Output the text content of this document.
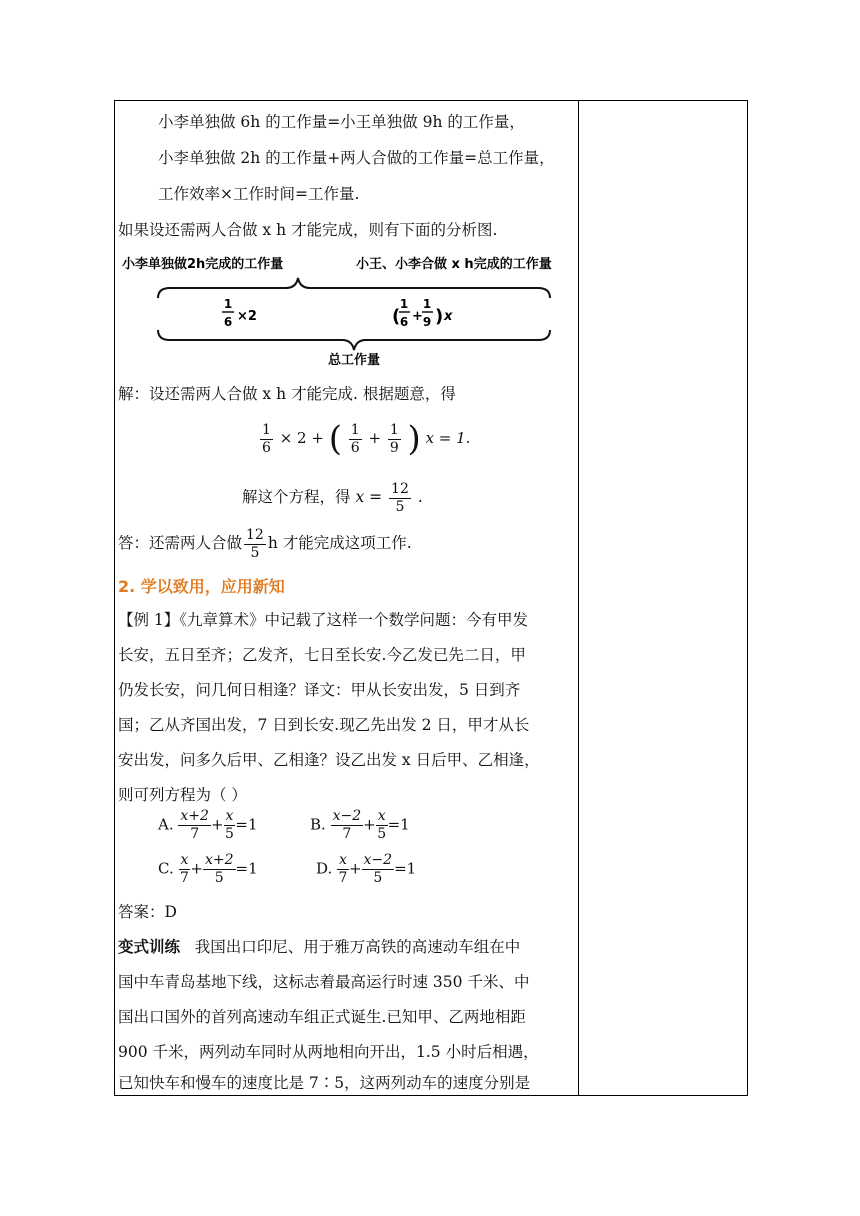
小李单独做 6h 的工作量=小王单独做 9h 的工作量，
小李单独做 2h 的工作量+两人合做的工作量=总工作量，
工作效率×工作时间=工作量.
如果设还需两人合做 x h 才能完成，则有下面的分析图.
小李单独做2h完成的工作量	小王、小李合做 x h完成的工作量
1
6 ×2	(
1
6 +
1
9 ) x
总工作量
解：设还需两人合做 x h 才能完成. 根据题意，得
$\frac{1}{6} \times 2$ + ( $\frac{1}{6} + \frac{1}{9}$ ) x = 1.
解这个方程，得 $x = \frac{12}{5}$ .
答：还需两人合做 $\frac{12}{5}$ h 才能完成这项工作.
2. 学以致用，应用新知
【例 1】《九章算术》中记载了这样一个数学问题：今有甲发
长安，五日至齐；乙发齐，七日至长安.今乙发已先二日，甲
仍发长安，问几何日相逢？译文：甲从长安出发，5 日到齐
国；乙从齐国出发，7 日到长安.现乙先出发 2 日，甲才从长
安出发，问多久后甲、乙相逢？设乙出发 x 日后甲、乙相逢，
则可列方程为（ ）
A. $\frac{x+2}{7} + \frac{x}{5} =1$	B. $\frac{x-2}{7} + \frac{x}{5} =1$
C. $\frac{x}{7} + \frac{x+2}{5} =1$	D. $\frac{x}{7} + \frac{x-2}{5} =1$
答案：D
变式训练 我国出口印尼、用于雅万高铁的高速动车组在中
国中车青岛基地下线，这标志着最高运行时速 350 千米、中
国出口国外的首列高速动车组正式诞生.已知甲、乙两地相距
900 千米，两列动车同时从两地相向开出，1.5 小时后相遇，
已知快车和慢车的速度比是 7∶5，这两列动车的速度分别是
